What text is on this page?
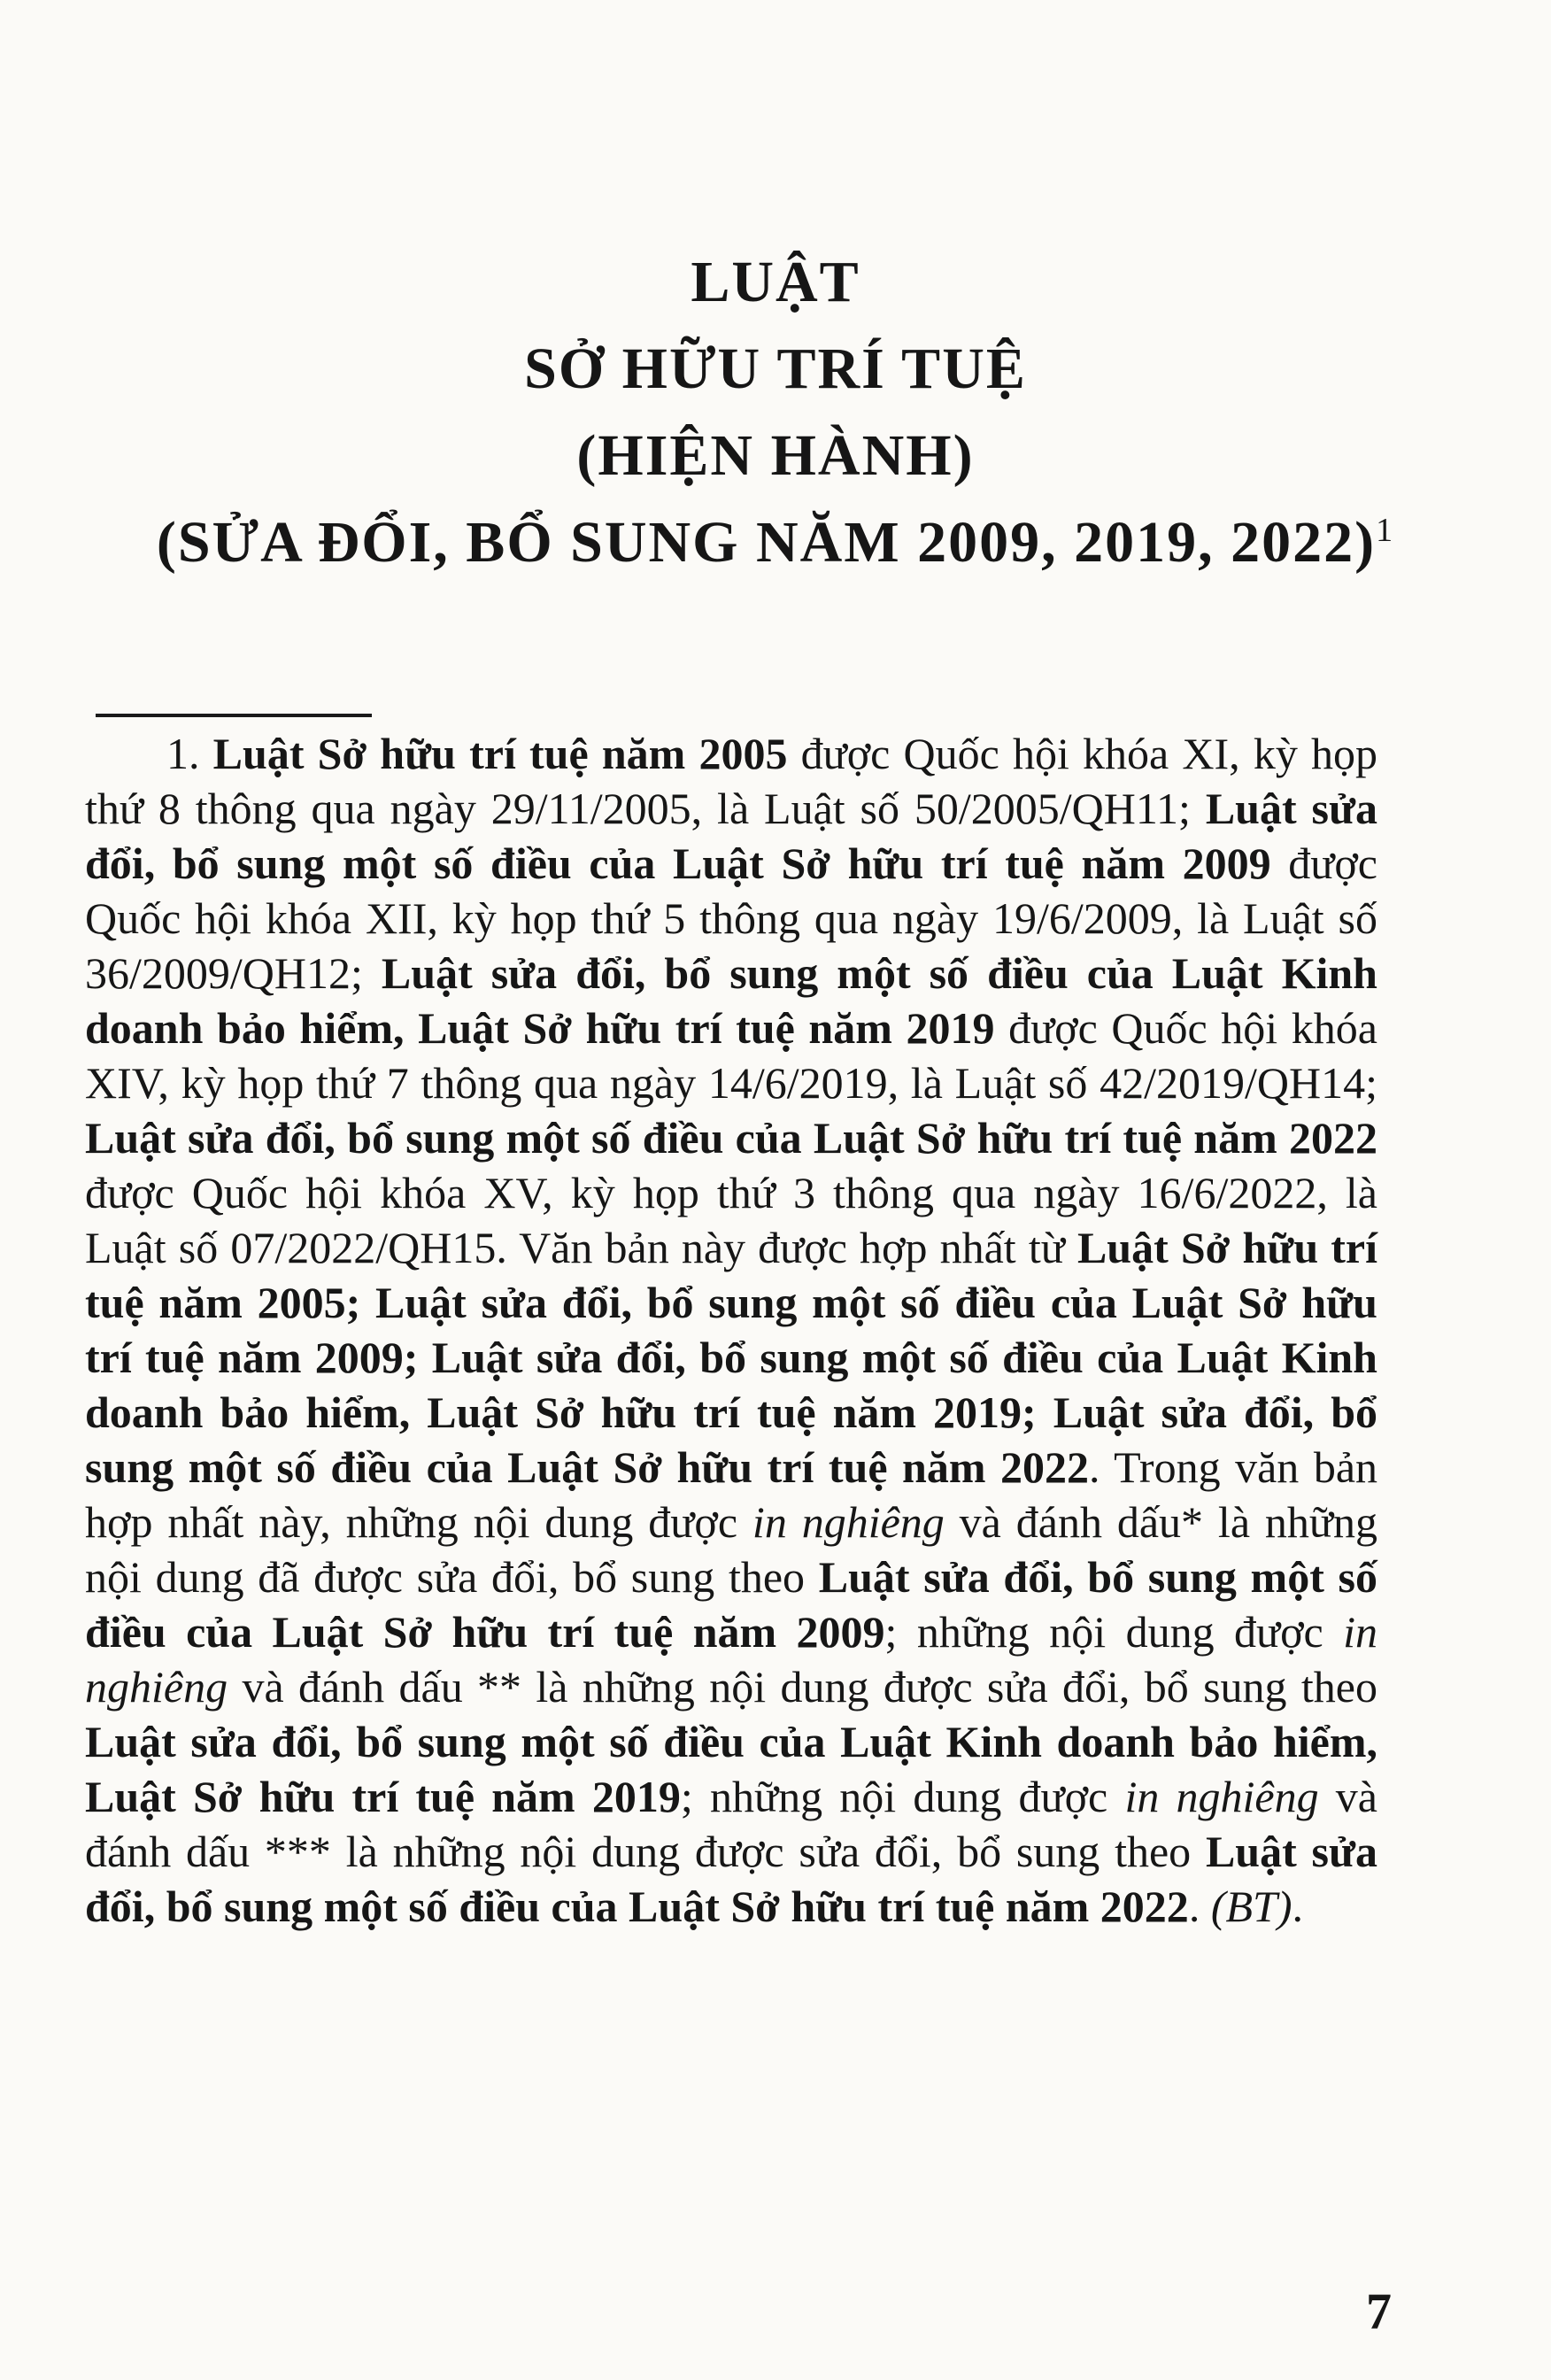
LUẬT

SỞ HỮU TRÍ TUỆ

(HIỆN HÀNH)

(SỬA ĐỔI, BỔ SUNG NĂM 2009, 2019, 2022)$^1$

1. Luật Sở hữu trí tuệ năm 2005 được Quốc hội khóa XI, kỳ họp thứ 8 thông qua ngày 29/11/2005, là Luật số 50/2005/QH11; Luật sửa đổi, bổ sung một số điều của Luật Sở hữu trí tuệ năm 2009 được Quốc hội khóa XII, kỳ họp thứ 5 thông qua ngày 19/6/2009, là Luật số 36/2009/QH12; Luật sửa đổi, bổ sung một số điều của Luật Kinh doanh bảo hiểm, Luật Sở hữu trí tuệ năm 2019 được Quốc hội khóa XIV, kỳ họp thứ 7 thông qua ngày 14/6/2019, là Luật số 42/2019/QH14; Luật sửa đổi, bổ sung một số điều của Luật Sở hữu trí tuệ năm 2022 được Quốc hội khóa XV, kỳ họp thứ 3 thông qua ngày 16/6/2022, là Luật số 07/2022/QH15. Văn bản này được hợp nhất từ Luật Sở hữu trí tuệ năm 2005; Luật sửa đổi, bổ sung một số điều của Luật Sở hữu trí tuệ năm 2009; Luật sửa đổi, bổ sung một số điều của Luật Kinh doanh bảo hiểm, Luật Sở hữu trí tuệ năm 2019; Luật sửa đổi, bổ sung một số điều của Luật Sở hữu trí tuệ năm 2022. Trong văn bản hợp nhất này, những nội dung được in nghiêng và đánh dấu* là những nội dung đã được sửa đổi, bổ sung theo Luật sửa đổi, bổ sung một số điều của Luật Sở hữu trí tuệ năm 2009; những nội dung được in nghiêng và đánh dấu ** là những nội dung được sửa đổi, bổ sung theo Luật sửa đổi, bổ sung một số điều của Luật Kinh doanh bảo hiểm, Luật Sở hữu trí tuệ năm 2019; những nội dung được in nghiêng và đánh dấu *** là những nội dung được sửa đổi, bổ sung theo Luật sửa đổi, bổ sung một số điều của Luật Sở hữu trí tuệ năm 2022. (BT).

7
